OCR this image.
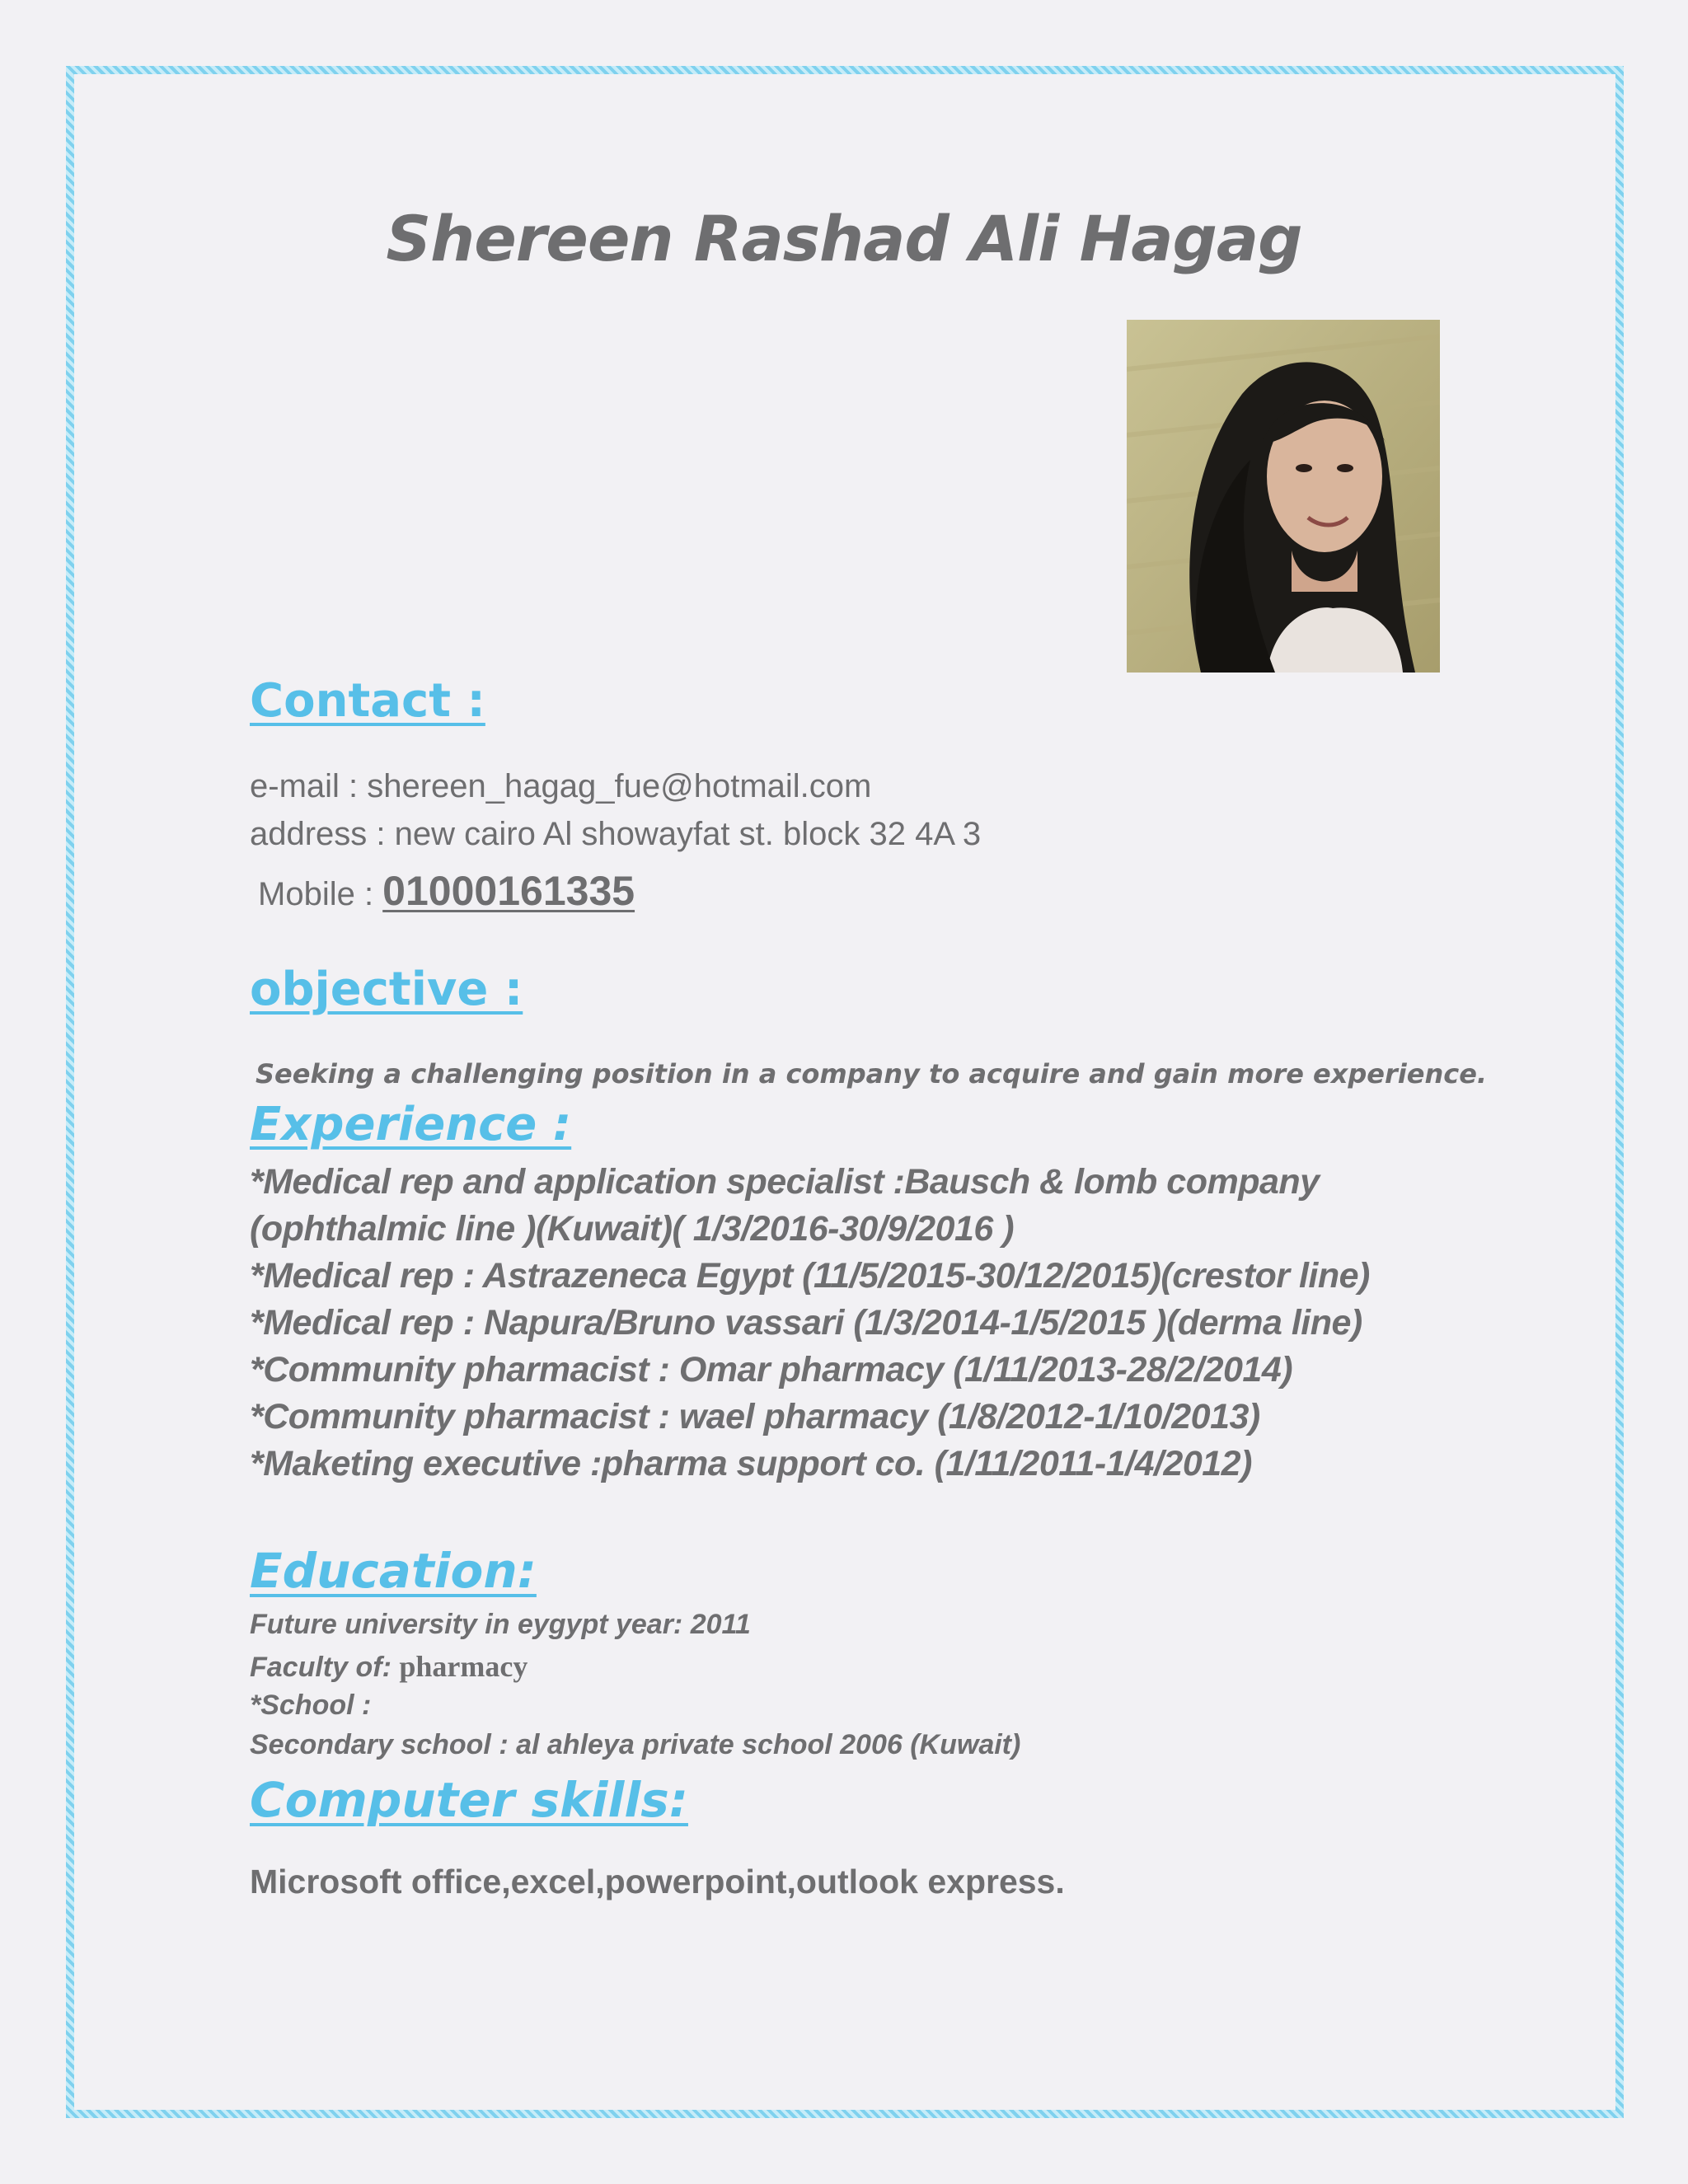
Shereen Rashad Ali Hagag
Contact :
e-mail : shereen_hagag_fue@hotmail.com
address : new cairo Al showayfat st. block 32 4A 3
Mobile : 01000161335
objective :
Seeking a challenging position in a company to acquire and gain more experience.
Experience :
*Medical rep and application specialist :Bausch & lomb company
(ophthalmic line )(Kuwait)( 1/3/2016-30/9/2016 )
*Medical rep : Astrazeneca Egypt (11/5/2015-30/12/2015)(crestor line)
*Medical rep : Napura/Bruno vassari (1/3/2014-1/5/2015 )(derma line)
*Community pharmacist : Omar pharmacy (1/11/2013-28/2/2014)
*Community pharmacist : wael pharmacy (1/8/2012-1/10/2013)
*Maketing executive :pharma support co. (1/11/2011-1/4/2012)
Education:
Future university in eygypt year: 2011
Faculty of: pharmacy
*School :
Secondary school : al ahleya private school 2006 (Kuwait)
Computer skills:
Microsoft office,excel,powerpoint,outlook express.
